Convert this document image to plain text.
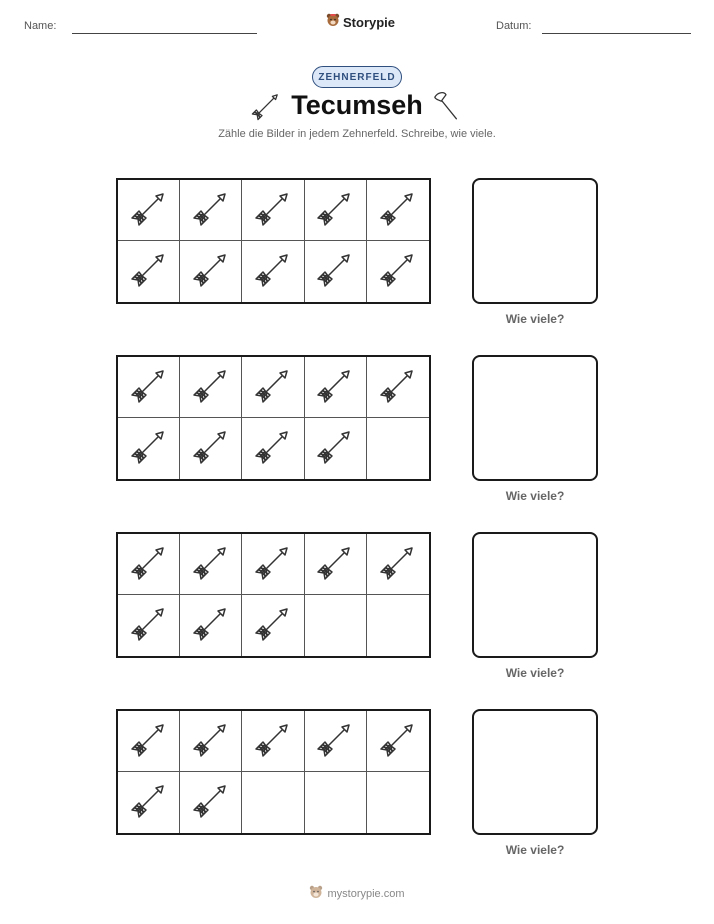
Name:	Storypie	Datum:
ZEHNERFELD
Tecumseh
Zähle die Bilder in jedem Zehnerfeld. Schreibe, wie viele.
Wie viele?
Wie viele?
Wie viele?
Wie viele?
mystorypie.com
